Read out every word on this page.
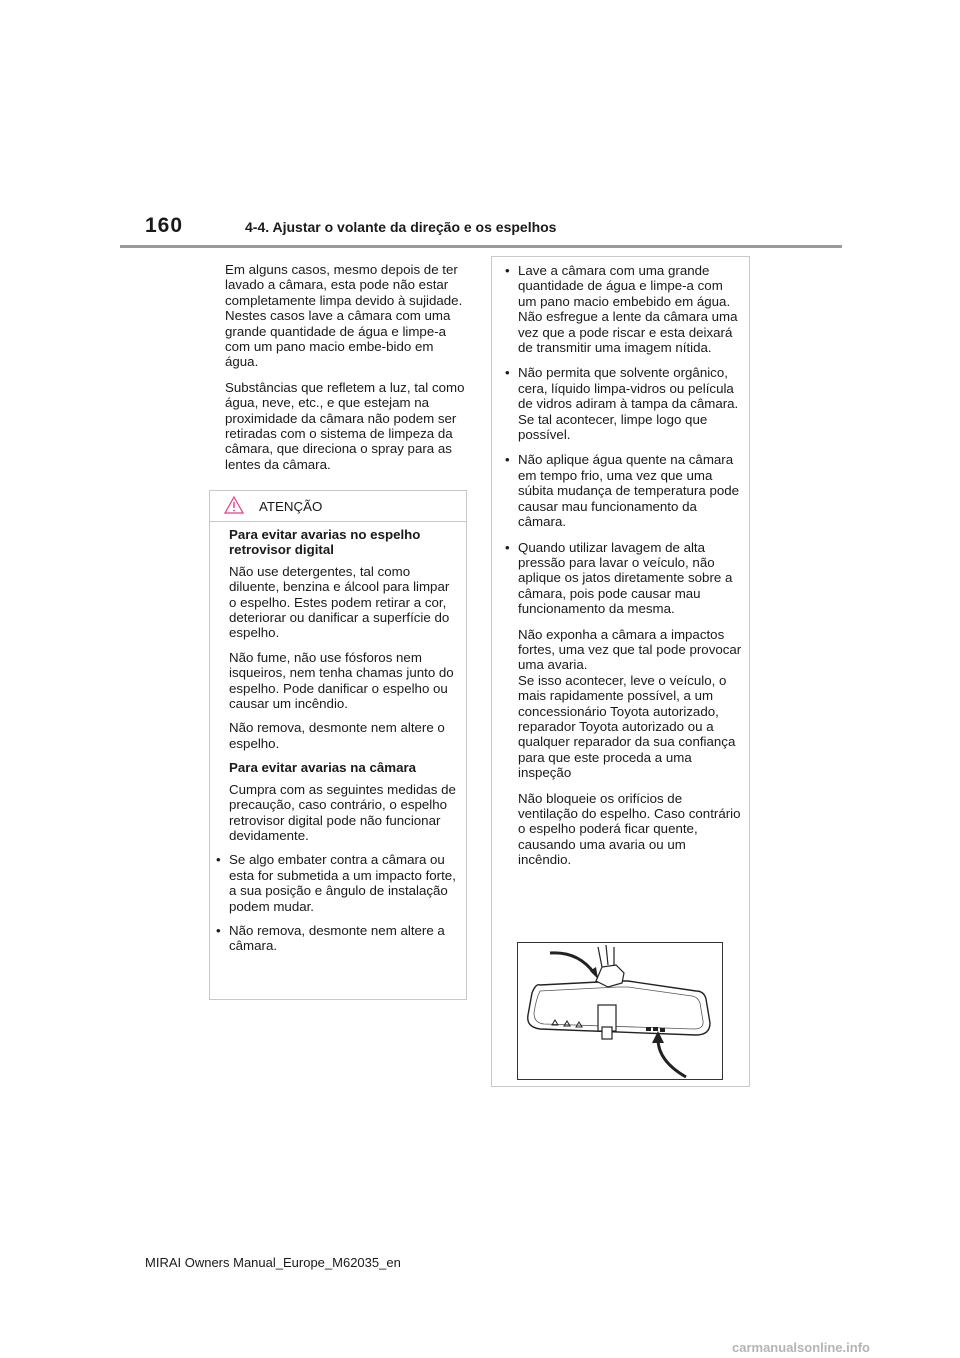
160	4-4. Ajustar o volante da direção e os espelhos

Em alguns casos, mesmo depois de ter lavado a câmara, esta pode não estar completamente limpa devido à sujidade. Nestes casos lave a câmara com uma grande quantidade de água e limpe-a com um pano macio embe-bido em água.

Substâncias que refletem a luz, tal como água, neve, etc., e que estejam na proximidade da câmara não podem ser retiradas com o sistema de limpeza da câmara, que direciona o spray para as lentes da câmara.

ATENÇÃO

Para evitar avarias no espelho retrovisor digital

Não use detergentes, tal como diluente, benzina e álcool para limpar o espelho. Estes podem retirar a cor, deteriorar ou danificar a superfície do espelho.

Não fume, não use fósforos nem isqueiros, nem tenha chamas junto do espelho. Pode danificar o espelho ou causar um incêndio.

Não remova, desmonte nem altere o espelho.

Para evitar avarias na câmara

Cumpra com as seguintes medidas de precaução, caso contrário, o espelho retrovisor digital pode não funcionar devidamente.

• Se algo embater contra a câmara ou esta for submetida a um impacto forte, a sua posição e ângulo de instalação podem mudar.

• Não remova, desmonte nem altere a câmara.

• Lave a câmara com uma grande quantidade de água e limpe-a com um pano macio embebido em água.
Não esfregue a lente da câmara uma vez que a pode riscar e esta deixará de transmitir uma imagem nítida.

• Não permita que solvente orgânico, cera, líquido limpa-vidros ou película de vidros adiram à tampa da câmara. Se tal acontecer, limpe logo que possível.

• Não aplique água quente na câmara em tempo frio, uma vez que uma súbita mudança de temperatura pode causar mau funcionamento da câmara.

• Quando utilizar lavagem de alta pressão para lavar o veículo, não aplique os jatos diretamente sobre a câmara, pois pode causar mau funcionamento da mesma.

Não exponha a câmara a impactos fortes, uma vez que tal pode provocar uma avaria.
Se isso acontecer, leve o veículo, o mais rapidamente possível, a um concessionário Toyota autorizado, reparador Toyota autorizado ou a qualquer reparador da sua confiança para que este proceda a uma inspeção

Não bloqueie os orifícios de ventilação do espelho. Caso contrário o espelho poderá ficar quente, causando uma avaria ou um incêndio.

MIRAI Owners Manual_Europe_M62035_en
carmanualsonline.info
